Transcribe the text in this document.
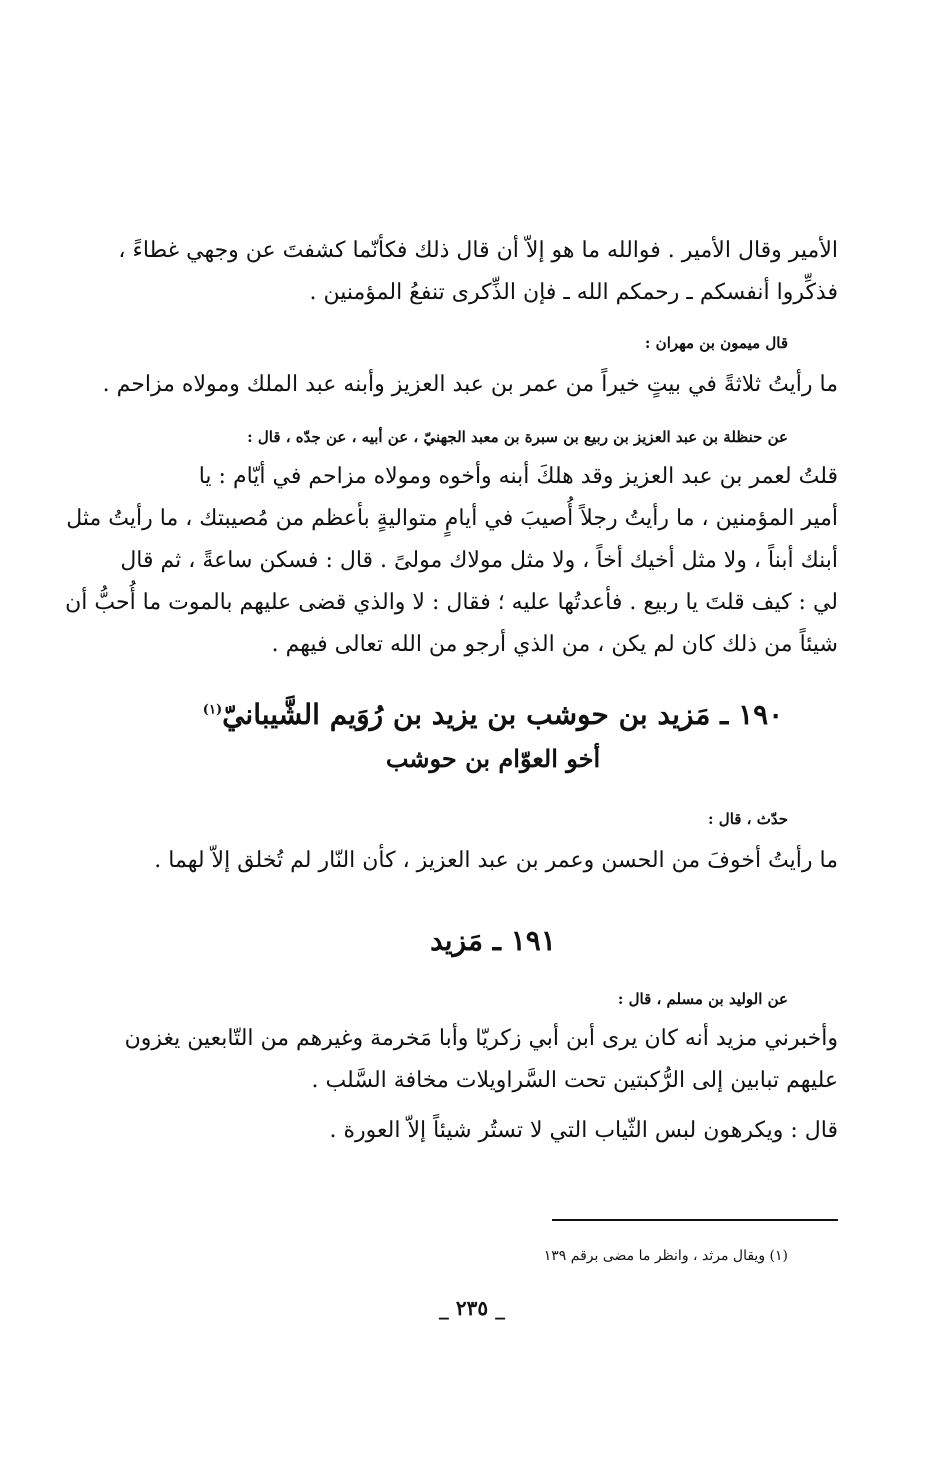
الأمير وقال الأمير . فوالله ما هو إلاّ أن قال ذلك فكأنّما كشفتَ عن وجهي غطاءً ،
فذكِّروا أنفسكم ـ رحمكم الله ـ فإن الذِّكرى تنفعُ المؤمنين .

قال ميمون بن مهران :

ما رأيتُ ثلاثةً في بيتٍ خيراً من عمر بن عبد العزيز وأبنه عبد الملك ومولاه مزاحم .

عن حنظلة بن عبد العزيز بن ربيع بن سبرة بن معبد الجهنيّ ، عن أبيه ، عن جدّه ، قال :

قلتُ لعمر بن عبد العزيز وقد هلكَ أبنه وأخوه ومولاه مزاحم في أيّام : يا
أمير المؤمنين ، ما رأيتُ رجلاً أُصيبَ في أيامٍ متواليةٍ بأعظم من مُصيبتك ، ما رأيتُ مثل
أبنك أبناً ، ولا مثل أخيك أخاً ، ولا مثل مولاك مولىً . قال : فسكن ساعةً ، ثم قال
لي : كيف قلتَ يا ربيع . فأعدتُها عليه ؛ فقال : لا والذي قضى عليهم بالموت ما أُحبُّ أن
شيئاً من ذلك كان لم يكن ، من الذي أرجو من الله تعالى فيهم .

١٩٠ ـ مَزيد بن حوشب بن يزيد بن رُوَيم الشَّيبانيّ$^{(١)}$
أخو العوّام بن حوشب

حدّث ، قال :

ما رأيتُ أخوفَ من الحسن وعمر بن عبد العزيز ، كأن النّار لم تُخلق إلاّ لهما .

١٩١ ـ مَزيد

عن الوليد بن مسلم ، قال :

وأخبرني مزيد أنه كان يرى أبن أبي زكريّا وأبا مَخرمة وغيرهم من التّابعين يغزون
عليهم تبابين إلى الرُّكبتين تحت السَّراويلات مخافة السَّلب .

قال : ويكرهون لبس الثّياب التي لا تستُر شيئاً إلاّ العورة .

(١) ويقال مرثد ، وانظر ما مضى برقم ١٣٩

_ ٢٣٥ _
